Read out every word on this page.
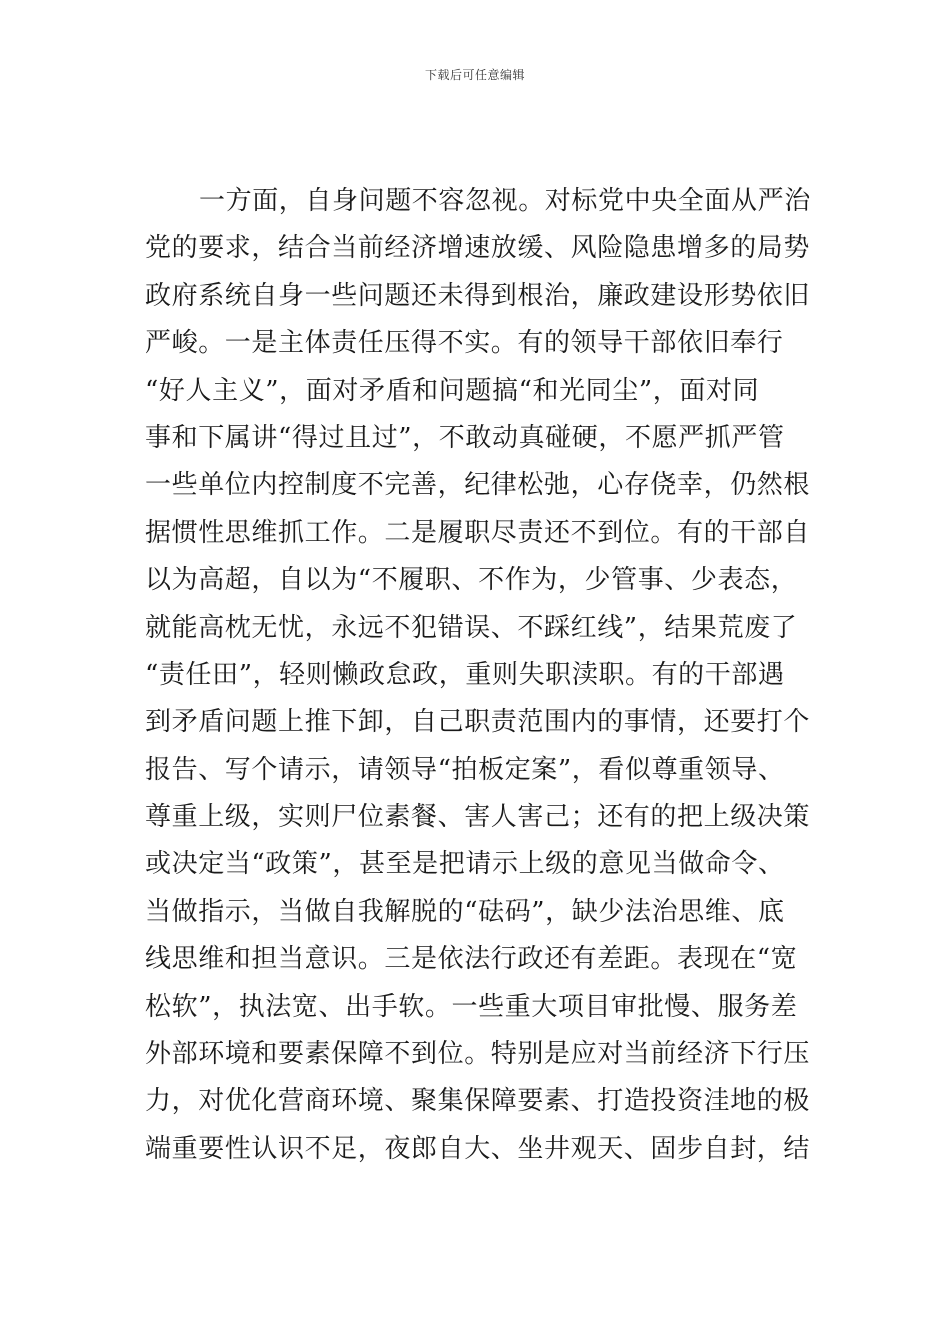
下载后可任意编辑
一方面，自身问题不容忽视。对标党中央全面从严治
党的要求，结合当前经济增速放缓、风险隐患增多的局势
政府系统自身一些问题还未得到根治，廉政建设形势依旧
严峻。一是主体责任压得不实。有的领导干部依旧奉行
“好人主义”，面对矛盾和问题搞“和光同尘”，面对同
事和下属讲“得过且过”，不敢动真碰硬，不愿严抓严管
一些单位内控制度不完善，纪律松弛，心存侥幸，仍然根
据惯性思维抓工作。二是履职尽责还不到位。有的干部自
以为高超，自以为“不履职、不作为，少管事、少表态，
就能高枕无忧，永远不犯错误、不踩红线”，结果荒废了
“责任田”，轻则懒政怠政，重则失职渎职。有的干部遇
到矛盾问题上推下卸，自己职责范围内的事情，还要打个
报告、写个请示，请领导“拍板定案”，看似尊重领导、
尊重上级，实则尸位素餐、害人害己；还有的把上级决策
或决定当“政策”，甚至是把请示上级的意见当做命令、
当做指示，当做自我解脱的“砝码”，缺少法治思维、底
线思维和担当意识。三是依法行政还有差距。表现在“宽
松软”，执法宽、出手软。一些重大项目审批慢、服务差
外部环境和要素保障不到位。特别是应对当前经济下行压
力，对优化营商环境、聚集保障要素、打造投资洼地的极
端重要性认识不足，夜郎自大、坐井观天、固步自封，结
